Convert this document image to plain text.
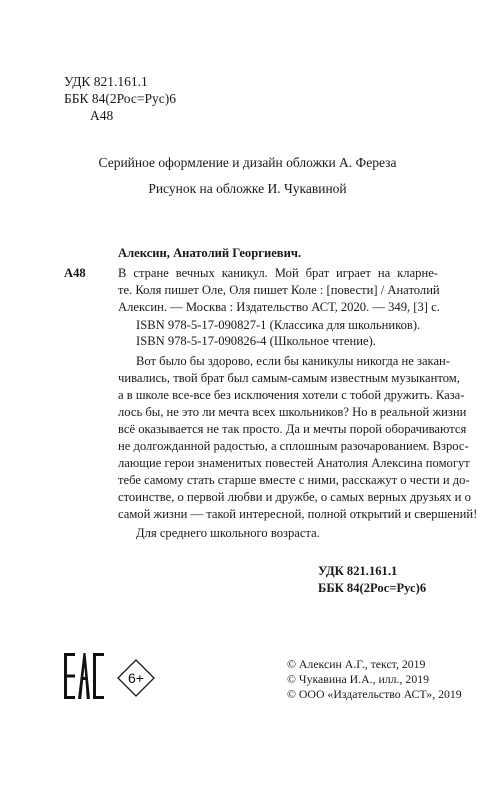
УДК 821.161.1
ББК 84(2Рос=Рус)6
А48
Серийное оформление и дизайн обложки А. Фереза
Рисунок на обложке И. Чукавиной
Алексин, Анатолий Георгиевич.
А48	В стране вечных каникул. Мой брат играет на кларне-
те. Коля пишет Оле, Оля пишет Коле : [повести] / Анатолий
Алексин. — Москва : Издательство АСТ, 2020. — 349, [3] с.
ISBN 978-5-17-090827-1 (Классика для школьников).
ISBN 978-5-17-090826-4 (Школьное чтение).
Вот было бы здорово, если бы каникулы никогда не закан-
чивались, твой брат был самым-самым известным музыкантом,
а в школе все-все без исключения хотели с тобой дружить. Каза-
лось бы, не это ли мечта всех школьников? Но в реальной жизни
всё оказывается не так просто. Да и мечты порой оборачиваются
не долгожданной радостью, а сплошным разочарованием. Взрос-
лающие герои знаменитых повестей Анатолия Алексина помогут
тебе самому стать старше вместе с ними, расскажут о чести и до-
стоинстве, о первой любви и дружбе, о самых верных друзьях и о
самой жизни — такой интересной, полной открытий и свершений!
Для среднего школьного возраста.
УДК 821.161.1
ББК 84(2Рос=Рус)6
6+
© Алексин А.Г., текст, 2019
© Чукавина И.А., илл., 2019
© ООО «Издательство АСТ», 2019
